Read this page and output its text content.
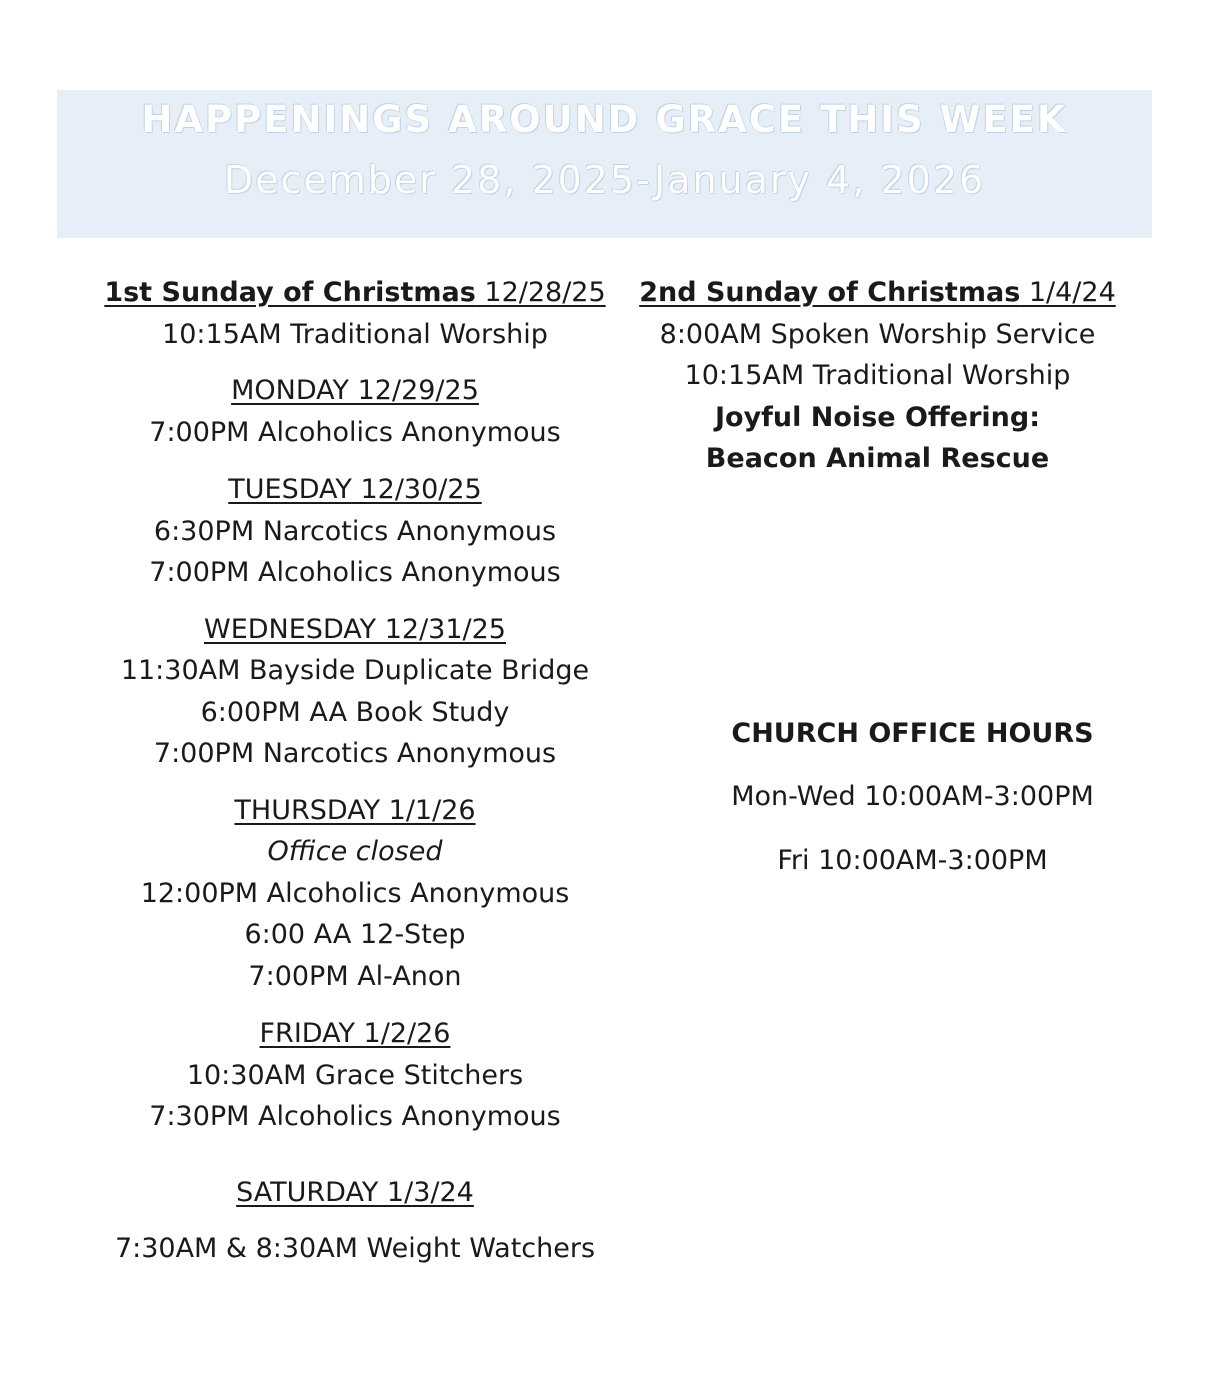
HAPPENINGS AROUND GRACE THIS WEEK
December 28, 2025-January 4, 2026
1st Sunday of Christmas 12/28/25
10:15AM Traditional Worship
MONDAY 12/29/25
7:00PM Alcoholics Anonymous
TUESDAY 12/30/25
6:30PM Narcotics Anonymous
7:00PM Alcoholics Anonymous
WEDNESDAY 12/31/25
11:30AM Bayside Duplicate Bridge
6:00PM AA Book Study
7:00PM Narcotics Anonymous
THURSDAY 1/1/26
Office closed
12:00PM Alcoholics Anonymous
6:00 AA 12-Step
7:00PM Al-Anon
FRIDAY 1/2/26
10:30AM Grace Stitchers
7:30PM Alcoholics Anonymous
SATURDAY 1/3/24
7:30AM & 8:30AM Weight Watchers
2nd Sunday of Christmas 1/4/24
8:00AM Spoken Worship Service
10:15AM Traditional Worship
Joyful Noise Offering:
Beacon Animal Rescue
CHURCH OFFICE HOURS
Mon-Wed 10:00AM-3:00PM
Fri 10:00AM-3:00PM
